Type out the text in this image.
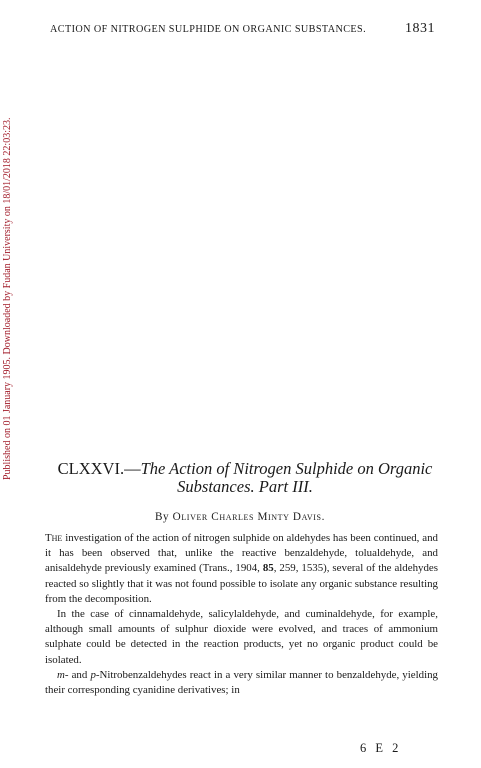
ACTION OF NITROGEN SULPHIDE ON ORGANIC SUBSTANCES.	1831
Published on 01 January 1905. Downloaded by Fudan University on 18/01/2018 22:03:23.	CLXXVI.—The Action of Nitrogen Sulphide on Organic
Substances. Part III.
By Oliver Charles Minty Davis.

The investigation of the action of nitrogen sulphide on aldehydes has been continued, and it has been observed that, unlike the reactive benzaldehyde, tolualdehyde, and anisaldehyde previously examined (Trans., 1904, 85, 259, 1535), several of the aldehydes reacted so slightly that it was not found possible to isolate any organic substance resulting from the decomposition.

In the case of cinnamaldehyde, salicylaldehyde, and cuminaldehyde, for example, although small amounts of sulphur dioxide were evolved, and traces of ammonium sulphate could be detected in the reaction products, yet no organic product could be isolated.

m- and p-Nitrobenzaldehydes react in a very similar manner to benzaldehyde, yielding their corresponding cyanidine derivatives; in

6 E 2
